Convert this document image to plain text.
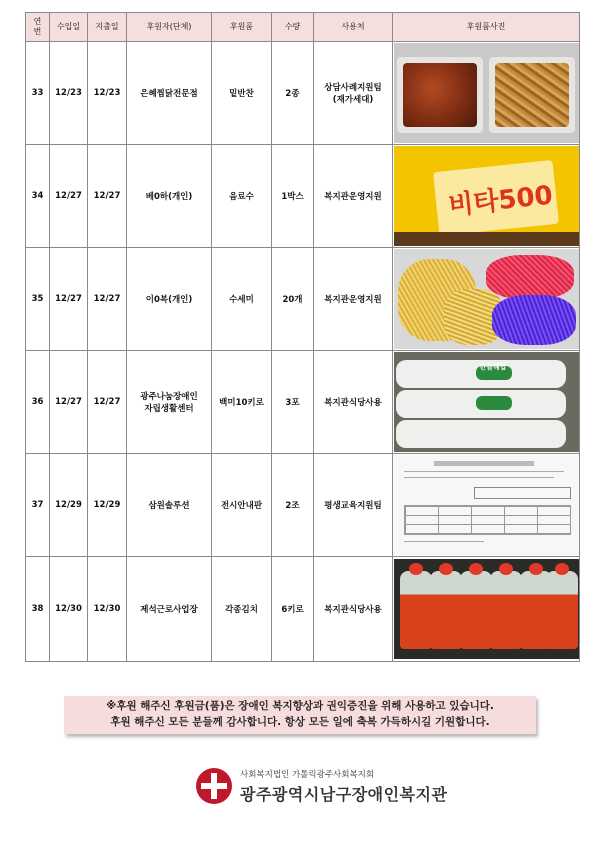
연
번	수입일	지출일	후원자(단체)	후원품	수량	사용처	후원품사진
33	12/23	12/23	은혜찜닭전문점	밑반찬	2종	상담사례지원팀
(재가세대)	

34	12/27	12/27	베0하(개인)	음료수	1박스	복지관운영지원	비타500

35	12/27	12/27	이0복(개인)	수세미	20개	복지관운영지원	

36	12/27	12/27	광주나눔장애인
자립생활센터	백미10키로	3포	복지관식당사용	한들해밥

37	12/29	12/29	삼원솔루션	전시안내판	2조	평생교육지원팀	

38	12/30	12/30	제석근로사업장	각종김치	6키로	복지관식당사용	
※후원 해주신 후원금(품)은 장애인 복지향상과 권익증진을 위해 사용하고 있습니다.
후원 해주신 모든 분들께 감사합니다. 항상 모든 일에 축복 가득하시길 기원합니다.
사회복지법인 가톨릭광주사회복지회
광주광역시남구장애인복지관
